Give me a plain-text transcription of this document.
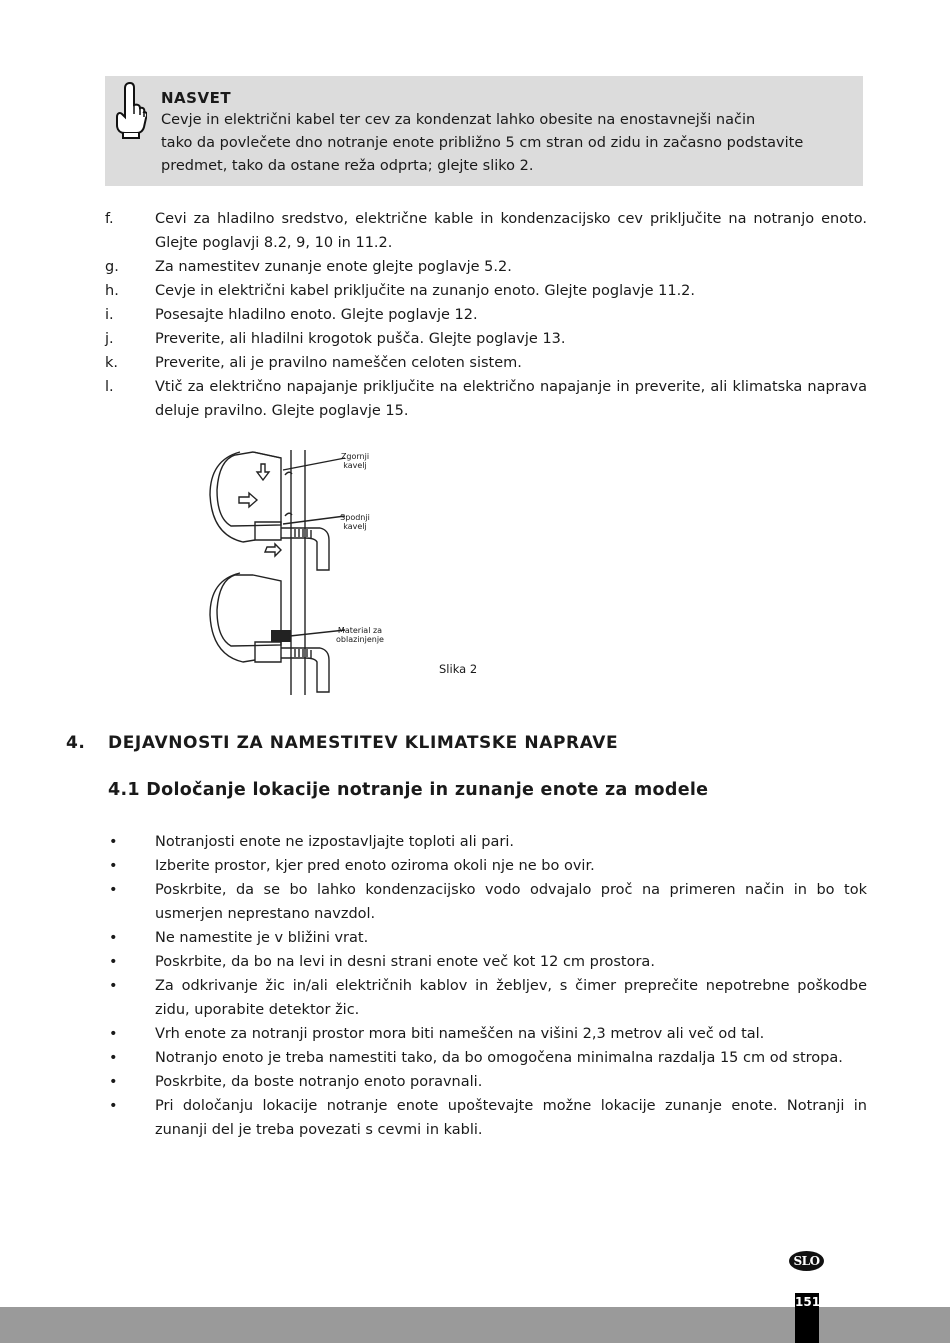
NASVET
Cevje in električni kabel ter cev za kondenzat lahko obesite na enostavnejši način
tako da povlečete dno notranje enote približno 5 cm stran od zidu in začasno podstavite
predmet, tako da ostane reža odprta; glejte sliko 2.
f.	Cevi za hladilno sredstvo, električne kable in kondenzacijsko cev priključite na notranjo enoto. Glejte poglavji 8.2, 9, 10 in 11.2.
g. Za namestitev zunanje enote glejte poglavje 5.2.
h. Cevje in električni kabel priključite na zunanjo enoto. Glejte poglavje 11.2.
i.	Posesajte hladilno enoto. Glejte poglavje 12.
j.	Preverite, ali hladilni krogotok pušča. Glejte poglavje 13.
k.	Preverite, ali je pravilno nameščen celoten sistem.
l.	Vtič za električno napajanje priključite na električno napajanje in preverite, ali klimatska naprava deluje pravilno. Glejte poglavje 15.
Zgornji
kavelj
Spodnji
kavelj
Material za
oblazinjenje
Slika 2
4. DEJAVNOSTI ZA NAMESTITEV KLIMATSKE NAPRAVE
4.1 Določanje lokacije notranje in zunanje enote za modele
•	Notranjosti enote ne izpostavljajte toploti ali pari.
•	Izberite prostor, kjer pred enoto oziroma okoli nje ne bo ovir.
•	Poskrbite, da se bo lahko kondenzacijsko vodo odvajalo proč na primeren način in bo tok usmerjen neprestano navzdol.
•	Ne namestite je v bližini vrat.
•	Poskrbite, da bo na levi in desni strani enote več kot 12 cm prostora.
•	Za odkrivanje žic in/ali električnih kablov in žebljev, s čimer preprečite nepotrebne poškodbe zidu, uporabite detektor žic.
•	Vrh enote za notranji prostor mora biti nameščen na višini 2,3 metrov ali več od tal.
•	Notranjo enoto je treba namestiti tako, da bo omogočena minimalna razdalja 15 cm od stropa.
•	Poskrbite, da boste notranjo enoto poravnali.
•	Pri določanju lokacije notranje enote upoštevajte možne lokacije zunanje enote. Notranji in zunanji del je treba povezati s cevmi in kabli.
SLO
151
